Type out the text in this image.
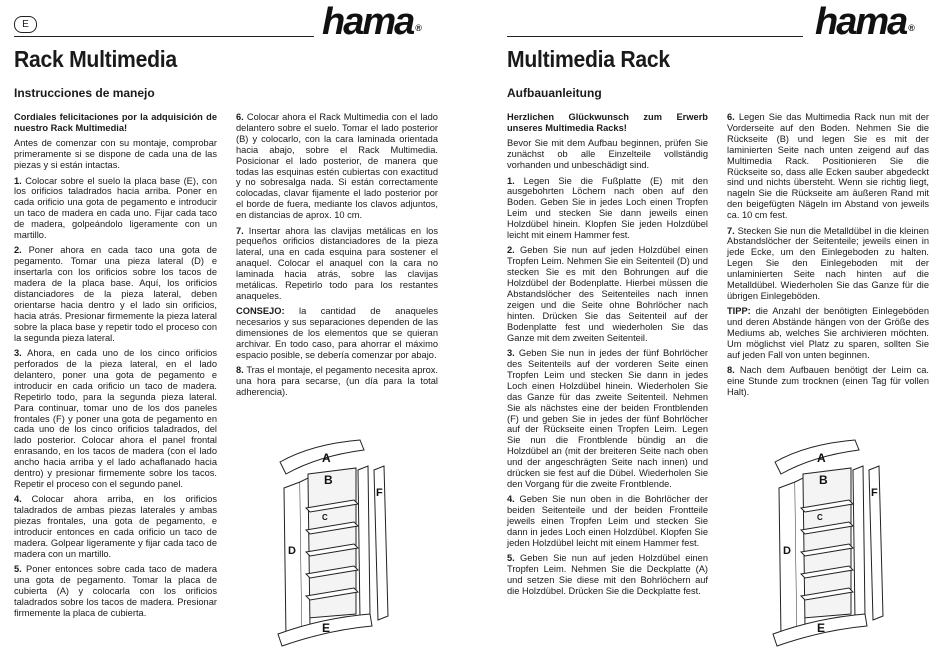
E	hama ®
Rack Multimedia
Instrucciones de manejo

Cordiales felicitaciones por la adquisición de nuestro Rack Multimedia!

Antes de comenzar con su montaje, comprobar primeramente si se dispone de cada una de las piezas y si están intactas.

1. Colocar sobre el suelo la placa base (E), con los orificios taladrados hacia arriba. Poner en cada orificio una gota de pegamento e introducir un taco de madera en cada uno. Fijar cada taco de madera, golpeándolo ligeramente con un martillo.

2. Poner ahora en cada taco una gota de pegamento. Tomar una pieza lateral (D) e insertarla con los orificios sobre los tacos de madera de la placa base. Aquí, los orificios distanciadores de la pieza lateral, deben orientarse hacia dentro y el lado sin orificios, hacia atrás. Presionar firmemente la pieza lateral sobre la placa base y repetir todo el proceso con la segunda pieza lateral.

3. Ahora, en cada uno de los cinco orificios perforados de la pieza lateral, en el lado delantero, poner una gota de pegamento e introducir en cada orificio un taco de madera. Repetirlo todo, para la segunda pieza lateral. Para continuar, tomar uno de los dos paneles frontales (F) y poner una gota de pegamento en cada uno de los cinco orificios taladrados, del lado posterior. Colocar ahora el panel frontal enrasando, en los tacos de madera (con el lado ancho hacia arriba y el lado achaflanado hacia dentro) y presionar firmemente sobre los tacos. Repetir el proceso con el segundo panel.

4. Colocar ahora arriba, en los orificios taladrados de ambas piezas laterales y ambas piezas frontales, una gota de pegamento, e introducir entonces en cada orificio un taco de madera. Golpear ligeramente y fijar cada taco de madera con un martillo.

5. Poner entonces sobre cada taco de madera una gota de pegamento. Tomar la placa de cubierta (A) y colocarla con los orificios taladrados sobre los tacos de madera. Presionar firmemente la placa de cubierta.

6. Colocar ahora el Rack Multimedia con el lado delantero sobre el suelo. Tomar el lado posterior (B) y colocarlo, con la cara laminada orientada hacia abajo, sobre el Rack Multimedia. Posicionar el lado posterior, de manera que todas las esquinas estén cubiertas con exactitud y no sobresalga nada. Si están correctamente colocadas, clavar fijamente el lado posterior por el borde de fuera, mediante los clavos adjuntos, en distancias de aprox. 10 cm.

7. Insertar ahora las clavijas metálicas en los pequeños orificios distanciadores de la pieza lateral, una en cada esquina para sostener el anaquel. Colocar el anaquel con la cara no laminada hacia atrás, sobre las clavijas metálicas. Repetirlo todo para los restantes anaqueles.

CONSEJO: la cantidad de anaqueles necesarios y sus separaciones dependen de las dimensiones de los elementos que se quieran archivar. En todo caso, para ahorrar el máximo espacio posible, se debería comenzar por abajo.

8. Tras el montaje, el pegamento necesita aprox. una hora para secarse, (un día para la total adherencia).

A
B
C
D
E
F
hama ®
Multimedia Rack
Aufbauanleitung

Herzlichen Glückwunsch zum Erwerb unseres Multimedia Racks!

Bevor Sie mit dem Aufbau beginnen, prüfen Sie zunächst ob alle Einzelteile vollständig vorhanden und unbeschädigt sind.

1. Legen Sie die Fußplatte (E) mit den ausgebohrten Löchern nach oben auf den Boden. Geben Sie in jedes Loch einen Tropfen Leim und stecken Sie dann jeweils einen Holzdübel hinein. Klopfen Sie jeden Holzdübel leicht mit einem Hammer fest.

2. Geben Sie nun auf jeden Holzdübel einen Tropfen Leim. Nehmen Sie ein Seitenteil (D) und stecken Sie es mit den Bohrungen auf die Holzdübel der Bodenplatte. Hierbei müssen die Abstandslöcher des Seitenteiles nach innen zeigen und die Seite ohne Bohrlöcher nach hinten. Drücken Sie das Seitenteil auf der Bodenplatte fest und wiederholen Sie das Ganze mit dem zweiten Seitenteil.

3. Geben Sie nun in jedes der fünf Bohrlöcher des Seitenteils auf der vorderen Seite einen Tropfen Leim und stecken Sie dann in jedes Loch einen Holzdübel hinein. Wiederholen Sie das Ganze für das zweite Seitenteil. Nehmen Sie als nächstes eine der beiden Frontblenden (F) und geben Sie in jedes der fünf Bohrlöcher auf der Rückseite einen Tropfen Leim. Legen Sie nun die Frontblende bündig an die Holzdübel an (mit der breiteren Seite nach oben und der angeschrägten Seite nach innen) und drücken sie fest auf die Dübel. Wiederholen Sie den Vorgang für die zweite Frontblende.

4. Geben Sie nun oben in die Bohrlöcher der beiden Seitenteile und der beiden Frontteile jeweils einen Tropfen Leim und stecken Sie dann in jedes Loch einen Holzdübel. Klopfen Sie jeden Holzdübel leicht mit einem Hammer fest.

5. Geben Sie nun auf jeden Holzdübel einen Tropfen Leim. Nehmen Sie die Deckplatte (A) und setzen Sie diese mit den Bohrlöchern auf die Holzdübel. Drücken Sie die Deckplatte fest.

6. Legen Sie das Multimedia Rack nun mit der Vorderseite auf den Boden. Nehmen Sie die Rückseite (B) und legen Sie es mit der laminierten Seite nach unten zeigend auf das Multimedia Rack. Positionieren Sie die Rückseite so, dass alle Ecken sauber abgedeckt sind und nichts übersteht. Wenn sie richtig liegt, nageln Sie die Rückseite am äußeren Rand mit den beigefügten Nägeln im Abstand von jeweils ca. 10 cm fest.

7. Stecken Sie nun die Metalldübel in die kleinen Abstandslöcher der Seitenteile; jeweils einen in jede Ecke, um den Einlegeboden zu halten. Legen Sie den Einlegeboden mit der unlaminierten Seite nach hinten auf die Metalldübel. Wiederholen Sie das Ganze für die übrigen Einlegeböden.

TIPP: die Anzahl der benötigten Einlegeböden und deren Abstände hängen von der Größe des Mediums ab, welches Sie archivieren möchten. Um möglichst viel Platz zu sparen, sollten Sie auf jeden Fall von unten beginnen.

8. Nach dem Aufbauen benötigt der Leim ca. eine Stunde zum trocknen (einen Tag für vollen Halt).

A
B
C
D
E
F
